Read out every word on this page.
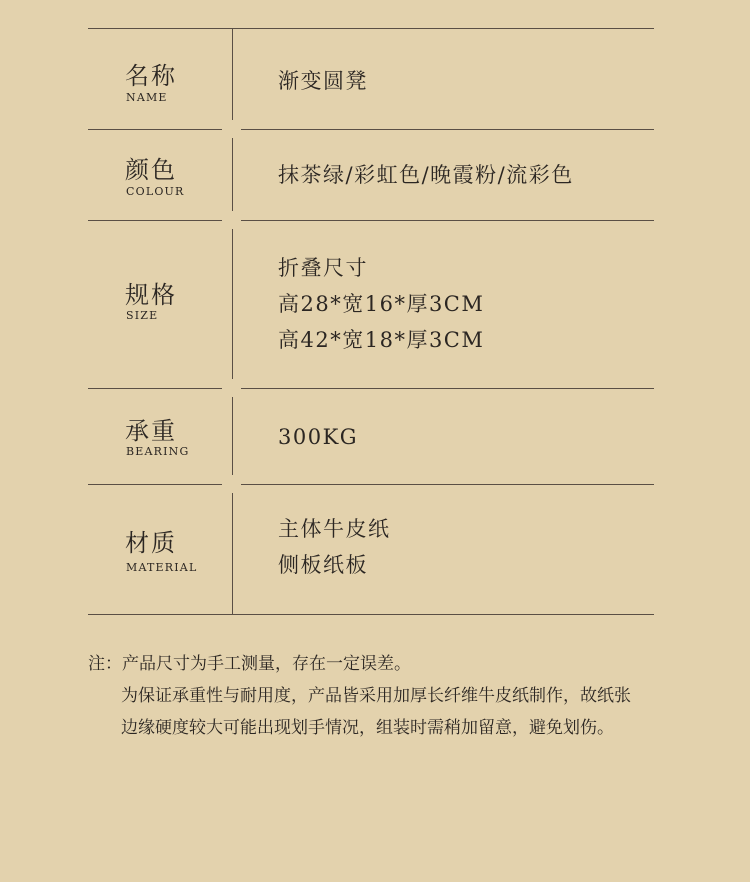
名称
NAME
渐变圆凳
颜色
COLOUR
抹茶绿/彩虹色/晚霞粉/流彩色
规格
SIZE
折叠尺寸
高28*宽16*厚3CM
高42*宽18*厚3CM
承重
BEARING
300KG
材质
MATERIAL
主体牛皮纸
侧板纸板
注：产品尺寸为手工测量，存在一定误差。
为保证承重性与耐用度，产品皆采用加厚长纤维牛皮纸制作，故纸张
边缘硬度较大可能出现划手情况，组装时需稍加留意，避免划伤。
